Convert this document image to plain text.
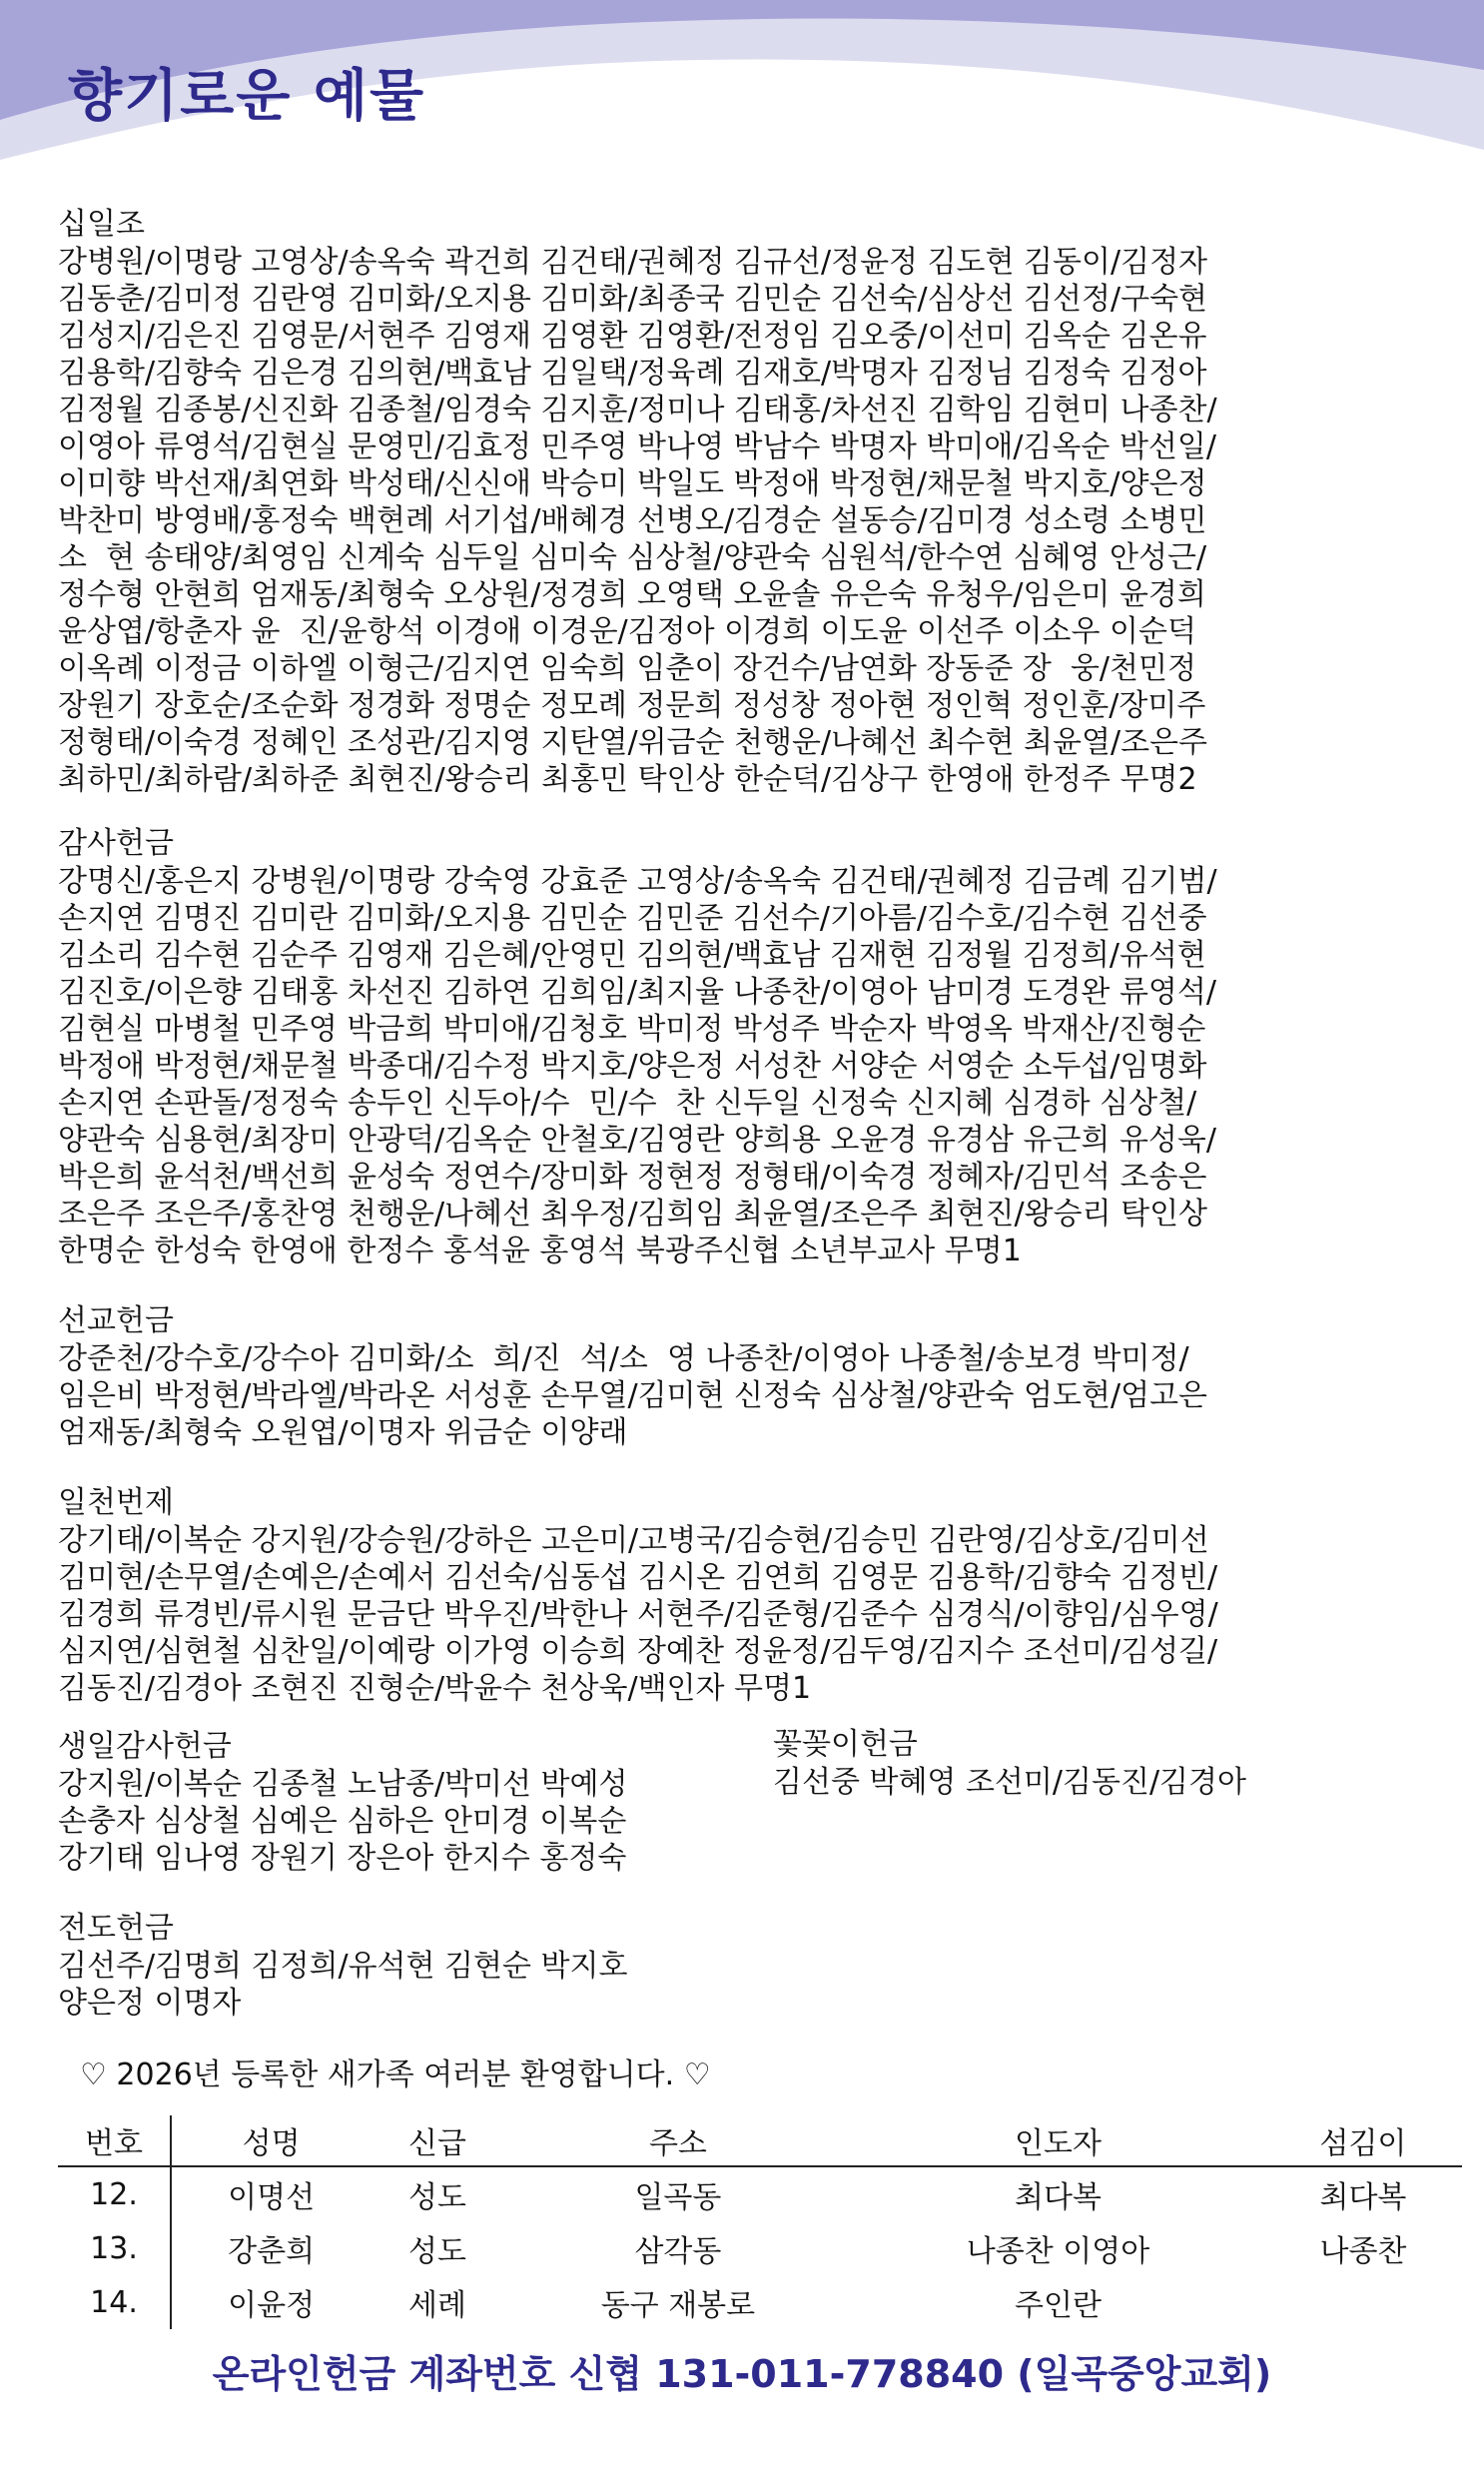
향기로운 예물
십일조
강병원/이명랑 고영상/송옥숙 곽건희 김건태/권혜정 김규선/정윤정 김도현 김동이/김정자
김동춘/김미정 김란영 김미화/오지용 김미화/최종국 김민순 김선숙/심상선 김선정/구숙현
김성지/김은진 김영문/서현주 김영재 김영환 김영환/전정임 김오중/이선미 김옥순 김온유
김용학/김향숙 김은경 김의현/백효남 김일택/정육례 김재호/박명자 김정님 김정숙 김정아
김정월 김종봉/신진화 김종철/임경숙 김지훈/정미나 김태홍/차선진 김학임 김현미 나종찬/
이영아 류영석/김현실 문영민/김효정 민주영 박나영 박남수 박명자 박미애/김옥순 박선일/
이미향 박선재/최연화 박성태/신신애 박승미 박일도 박정애 박정현/채문철 박지호/양은정
박찬미 방영배/홍정숙 백현례 서기섭/배혜경 선병오/김경순 설동승/김미경 성소령 소병민
소  현 송태양/최영임 신계숙 심두일 심미숙 심상철/양관숙 심원석/한수연 심혜영 안성근/
정수형 안현희 엄재동/최형숙 오상원/정경희 오영택 오윤솔 유은숙 유청우/임은미 윤경희
윤상엽/항춘자 윤  진/윤항석 이경애 이경운/김정아 이경희 이도윤 이선주 이소우 이순덕
이옥례 이정금 이하엘 이형근/김지연 임숙희 임춘이 장건수/남연화 장동준 장  웅/천민정
장원기 장호순/조순화 정경화 정명순 정모례 정문희 정성창 정아현 정인혁 정인훈/장미주
정형태/이숙경 정혜인 조성관/김지영 지탄열/위금순 천행운/나혜선 최수현 최윤열/조은주
최하민/최하람/최하준 최현진/왕승리 최홍민 탁인상 한순덕/김상구 한영애 한정주 무명2
감사헌금
강명신/홍은지 강병원/이명랑 강숙영 강효준 고영상/송옥숙 김건태/권혜정 김금례 김기범/
손지연 김명진 김미란 김미화/오지용 김민순 김민준 김선수/기아름/김수호/김수현 김선중
김소리 김수현 김순주 김영재 김은혜/안영민 김의현/백효남 김재현 김정월 김정희/유석현
김진호/이은향 김태홍 차선진 김하연 김희임/최지율 나종찬/이영아 남미경 도경완 류영석/
김현실 마병철 민주영 박금희 박미애/김청호 박미정 박성주 박순자 박영옥 박재산/진형순
박정애 박정현/채문철 박종대/김수정 박지호/양은정 서성찬 서양순 서영순 소두섭/임명화
손지연 손판돌/정정숙 송두인 신두아/수  민/수  찬 신두일 신정숙 신지혜 심경하 심상철/
양관숙 심용현/최장미 안광덕/김옥순 안철호/김영란 양희용 오윤경 유경삼 유근희 유성욱/
박은희 윤석천/백선희 윤성숙 정연수/장미화 정현정 정형태/이숙경 정혜자/김민석 조송은
조은주 조은주/홍찬영 천행운/나혜선 최우정/김희임 최윤열/조은주 최현진/왕승리 탁인상
한명순 한성숙 한영애 한정수 홍석윤 홍영석 북광주신협 소년부교사 무명1
선교헌금
강준천/강수호/강수아 김미화/소  희/진  석/소  영 나종찬/이영아 나종철/송보경 박미정/
임은비 박정현/박라엘/박라온 서성훈 손무열/김미현 신정숙 심상철/양관숙 엄도현/엄고은
엄재동/최형숙 오원엽/이명자 위금순 이양래
일천번제
강기태/이복순 강지원/강승원/강하은 고은미/고병국/김승현/김승민 김란영/김상호/김미선
김미현/손무열/손예은/손예서 김선숙/심동섭 김시온 김연희 김영문 김용학/김향숙 김정빈/
김경희 류경빈/류시원 문금단 박우진/박한나 서현주/김준형/김준수 심경식/이향임/심우영/
심지연/심현철 심찬일/이예랑 이가영 이승희 장예찬 정윤정/김두영/김지수 조선미/김성길/
김동진/김경아 조현진 진형순/박윤수 천상욱/백인자 무명1
생일감사헌금
강지원/이복순 김종철 노남종/박미선 박예성
손충자 심상철 심예은 심하은 안미경 이복순
강기태 임나영 장원기 장은아 한지수 홍정숙
꽃꽂이헌금
김선중 박혜영 조선미/김동진/김경아
전도헌금
김선주/김명희 김정희/유석현 김현순 박지호
양은정 이명자
♡ 2026년 등록한 새가족 여러분 환영합니다. ♡
번호	성명	신급	주소	인도자	섬김이
12.	이명선	성도	일곡동	최다복	최다복
13.	강춘희	성도	삼각동	나종찬 이영아	나종찬
14.	이윤정	세례	동구 재봉로	주인란	

온라인헌금 계좌번호 신협 131-011-778840 (일곡중앙교회)
